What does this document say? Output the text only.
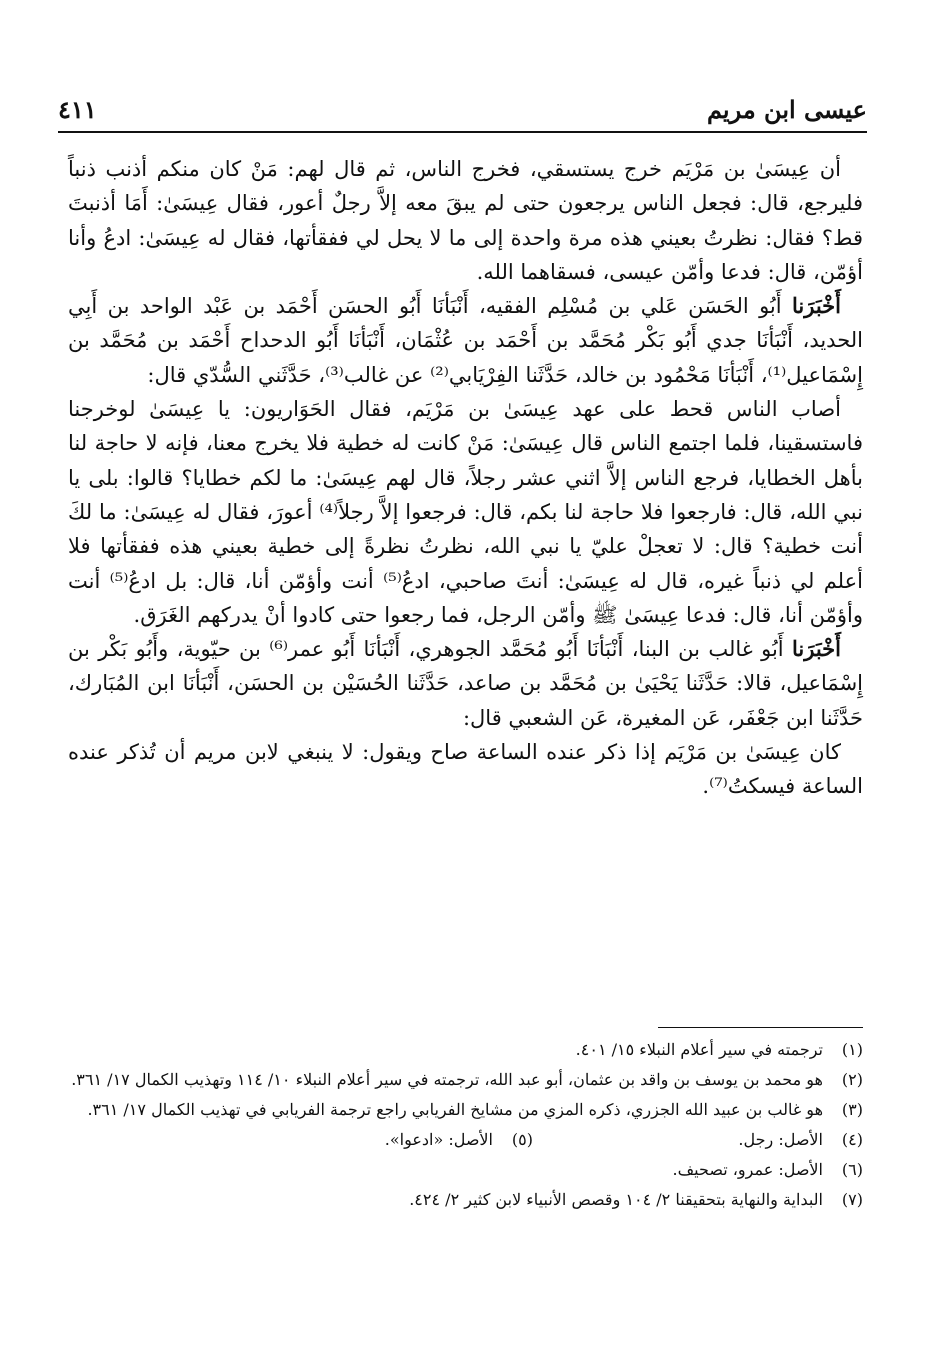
عيسى ابن مريم
٤١١

أن عِيسَىٰ بن مَرْيَم خرج يستسقي، فخرج الناس، ثم قال لهم: مَنْ كان منكم أذنب ذنباً فليرجع، قال: فجعل الناس يرجعون حتى لم يبقَ معه إلاَّ رجلٌ أعور، فقال عِيسَىٰ: أَمَا أذنبتَ قط؟ فقال: نظرتُ بعيني هذه مرة واحدة إلى ما لا يحل لي ففقأتها، فقال له عِيسَىٰ: ادعُ وأنا أؤمّن، قال: فدعا وأمّن عيسى، فسقاهما الله.

أَخْبَرَنا أَبُو الحَسَن عَلي بن مُسْلِم الفقيه، أَنْبَأنَا أَبُو الحسَن أَحْمَد بن عَبْد الواحد بن أَبِي الحديد، أَنْبَأنَا جدي أَبُو بَكْر مُحَمَّد بن أَحْمَد بن عُثْمَان، أَنْبَأنَا أَبُو الدحداح أَحْمَد بن مُحَمَّد بن إِسْمَاعيل⁽¹⁾، أَنْبَأنَا مَحْمُود بن خالد، حَدَّثَنا الفِرْيَابي⁽²⁾ عن غالب⁽³⁾، حَدَّثَني السُّدّي قال:

أصاب الناس قحط على عهد عِيسَىٰ بن مَرْيَم، فقال الحَوَاريون: يا عِيسَىٰ لوخرجنا فاستسقينا، فلما اجتمع الناس قال عِيسَىٰ: مَنْ كانت له خطية فلا يخرج معنا، فإنه لا حاجة لنا بأهل الخطايا، فرجع الناس إلاَّ اثني عشر رجلاً، قال لهم عِيسَىٰ: ما لكم خطايا؟ قالوا: بلى يا نبي الله، قال: فارجعوا فلا حاجة لنا بكم، قال: فرجعوا إلاَّ رجلاً⁽⁴⁾ أعورَ، فقال له عِيسَىٰ: ما لكَ أنت خطية؟ قال: لا تعجلْ عليّ يا نبي الله، نظرتُ نظرةً إلى خطية بعيني هذه ففقأتها فلا أعلم لي ذنباً غيره، قال له عِيسَىٰ: أنتَ صاحبي، ادعُ⁽⁵⁾ أنت وأؤمّن أنا، قال: بل ادعُ⁽⁵⁾ أنت وأؤمّن أنا، قال: فدعا عِيسَىٰ ﷺ وأمّن الرجل، فما رجعوا حتى كادوا أنْ يدركهم الغَرَق.

أَخْبَرَنا أَبُو غالب بن البنا، أَنْبَأنَا أَبُو مُحَمَّد الجوهري، أَنْبَأنَا أَبُو عمر⁽⁶⁾ بن حيّوية، وأَبُو بَكْر بن إِسْمَاعيل، قالا: حَدَّثَنا يَحْيَىٰ بن مُحَمَّد بن صاعد، حَدَّثَنا الحُسَيْن بن الحسَن، أَنْبَأنَا ابن المُبَارك، حَدَّثَنا ابن جَعْفَر، عَن المغيرة، عَن الشعبي قال:

كان عِيسَىٰ بن مَرْيَم إذا ذكر عنده الساعة صاح ويقول: لا ينبغي لابن مريم أن تُذكر عنده الساعة فيسكتُ⁽⁷⁾.

(١)
ترجمته في سير أعلام النبلاء ١٥/ ٤٠١.
(٢)
هو محمد بن يوسف بن واقد بن عثمان، أبو عبد الله، ترجمته في سير أعلام النبلاء ١٠/ ١١٤ وتهذيب الكمال ١٧/ ٣٦١.
(٣)
هو غالب بن عبيد الله الجزري، ذكره المزي من مشايخ الفريابي راجع ترجمة الفريابي في تهذيب الكمال ١٧/ ٣٦١.
(٤)
الأصل: رجل.
(٥)
الأصل: «ادعوا».
(٦)
الأصل: عمرو، تصحيف.
(٧)
البداية والنهاية بتحقيقنا ٢/ ١٠٤ وقصص الأنبياء لابن كثير ٢/ ٤٢٤.
